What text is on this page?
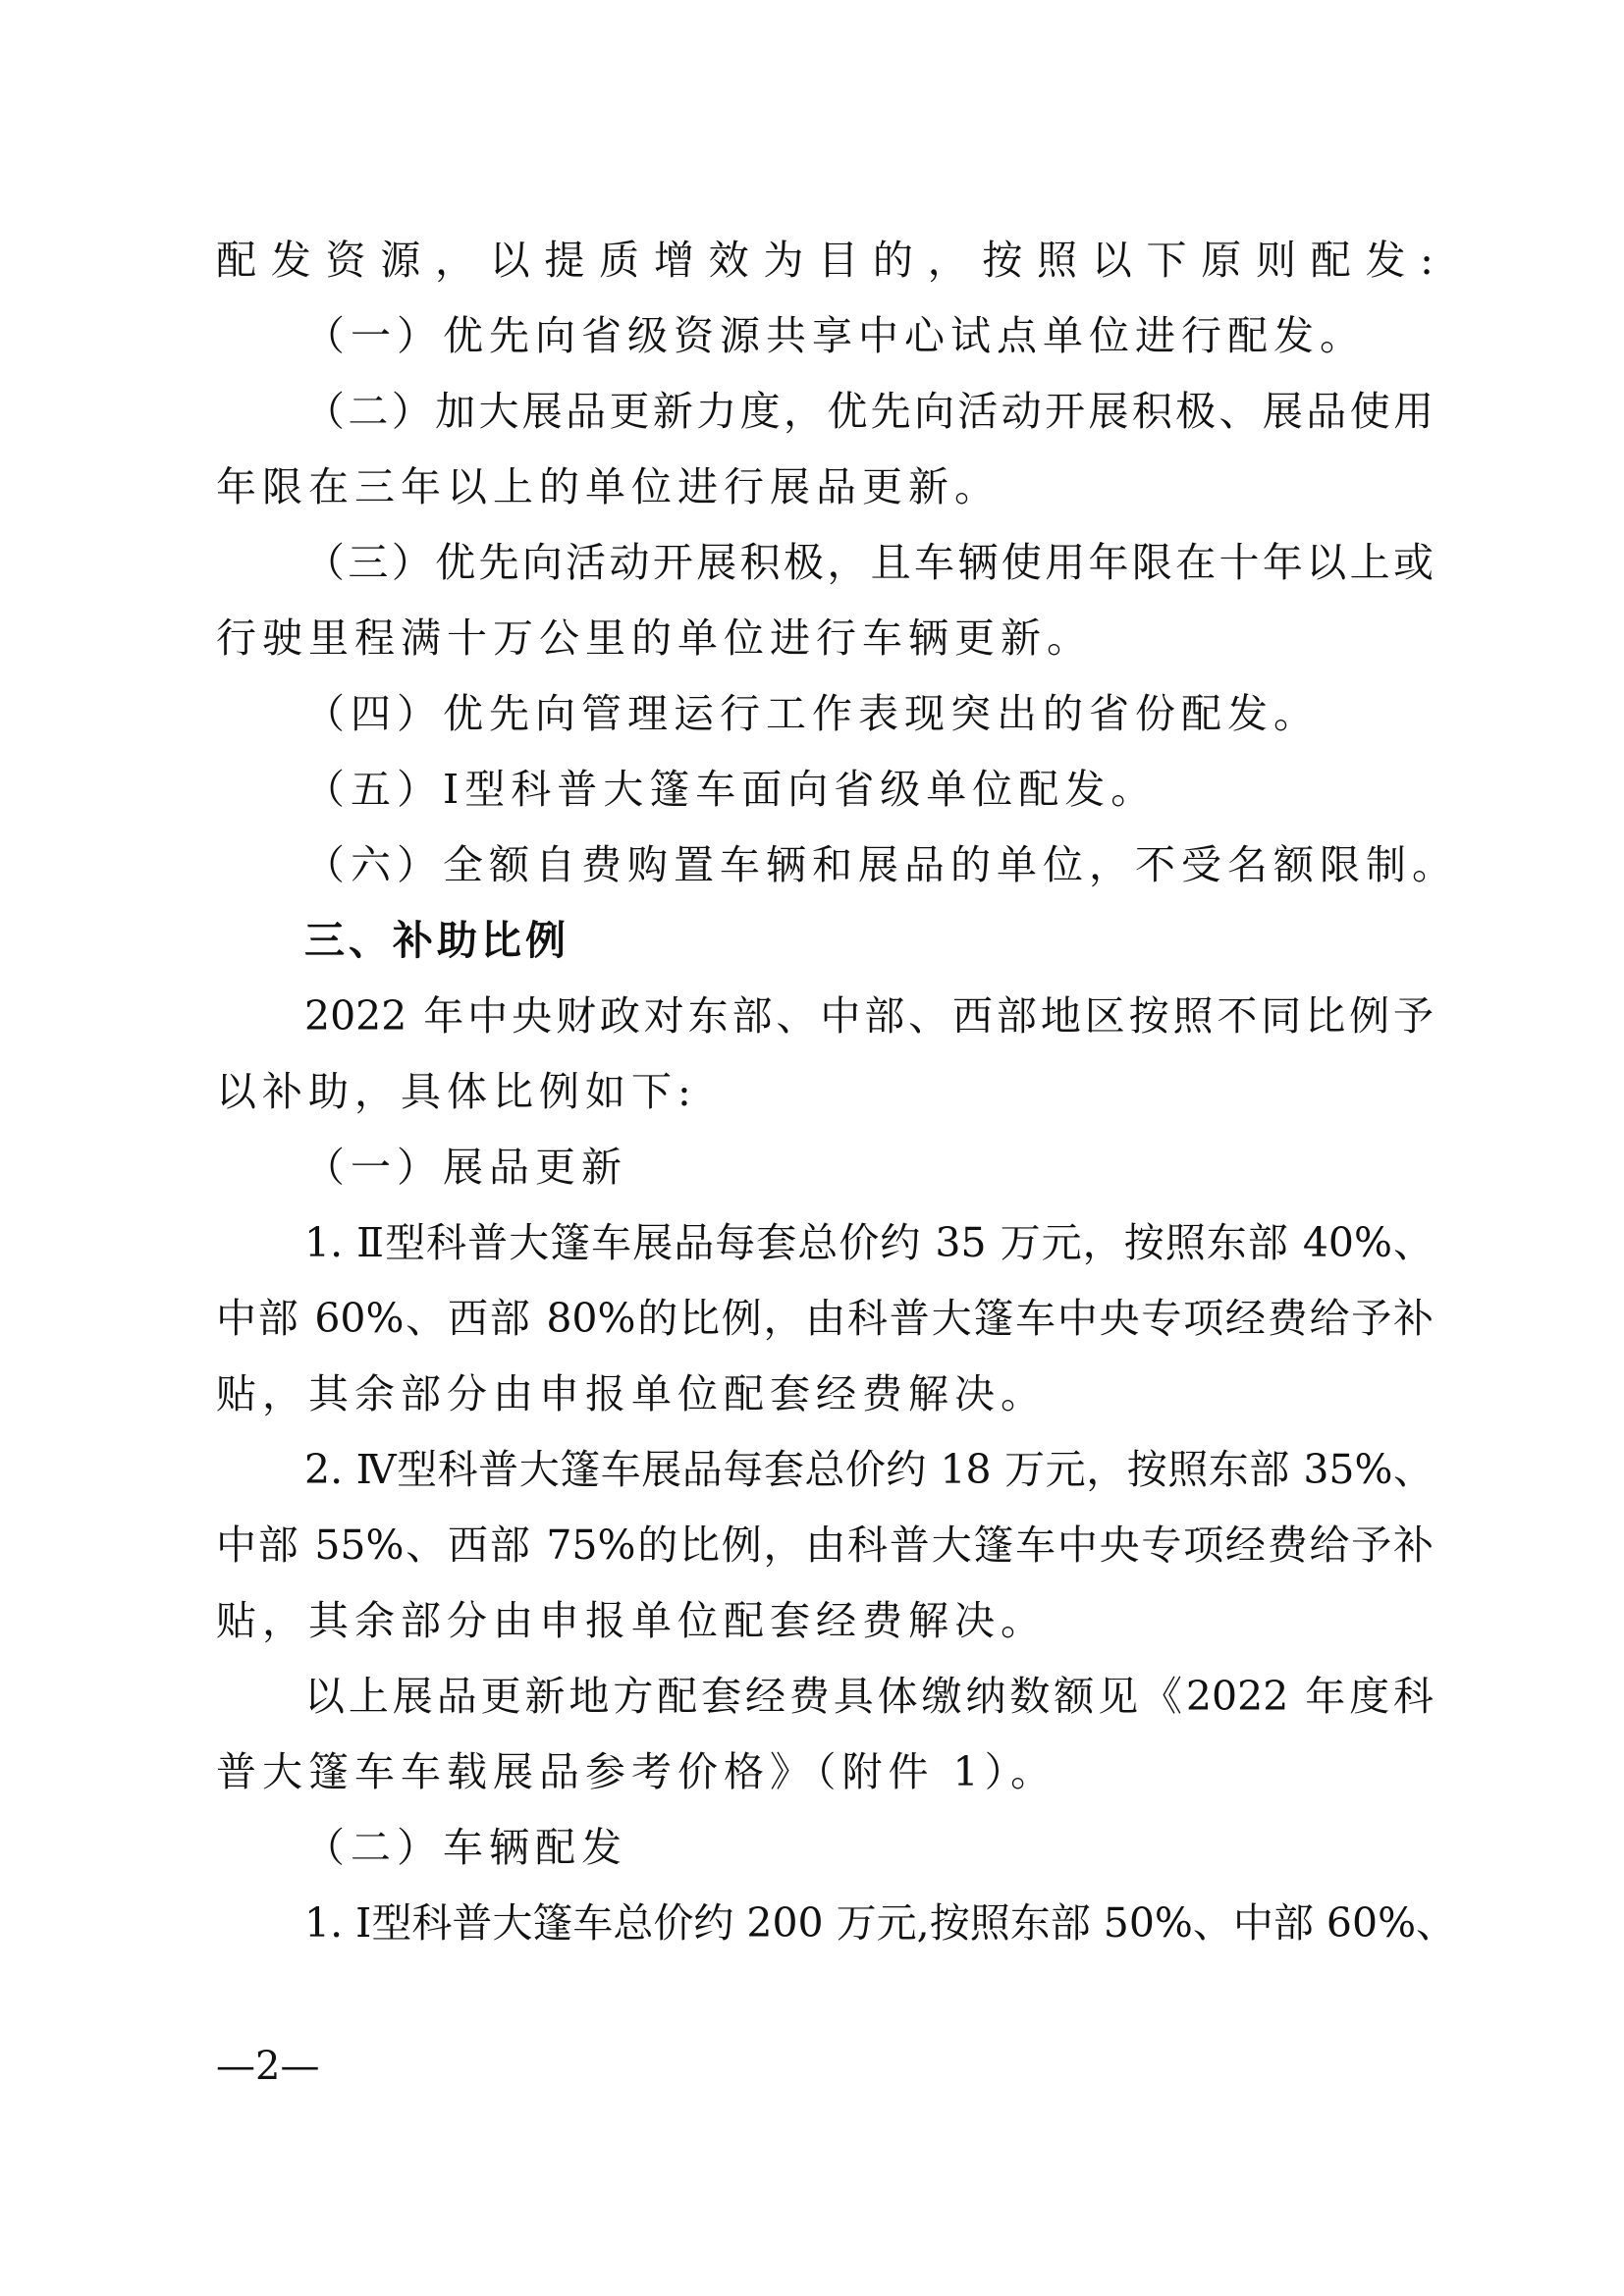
配发资源，以提质增效为目的，按照以下原则配发:
（一）优先向省级资源共享中心试点单位进行配发。
（二）加大展品更新力度，优先向活动开展积极、展品使用
年限在三年以上的单位进行展品更新。
（三）优先向活动开展积极，且车辆使用年限在十年以上或
行驶里程满十万公里的单位进行车辆更新。
（四）优先向管理运行工作表现突出的省份配发。
（五）Ⅰ型科普大篷车面向省级单位配发。
（六）全额自费购置车辆和展品的单位，不受名额限制。
三、补助比例
2022 年中央财政对东部、中部、西部地区按照不同比例予
以补助，具体比例如下:
（一）展品更新
1. Ⅱ型科普大篷车展品每套总价约 35 万元，按照东部 40%、
中部 60%、西部 80%的比例，由科普大篷车中央专项经费给予补
贴，其余部分由申报单位配套经费解决。
2. Ⅳ型科普大篷车展品每套总价约 18 万元，按照东部 35%、
中部 55%、西部 75%的比例，由科普大篷车中央专项经费给予补
贴，其余部分由申报单位配套经费解决。
以上展品更新地方配套经费具体缴纳数额见《2022 年度科
普大篷车车载展品参考价格》（附件 1）。
（二）车辆配发
1. Ⅰ型科普大篷车总价约 200 万元,按照东部 50%、中部 60%、
—2—
